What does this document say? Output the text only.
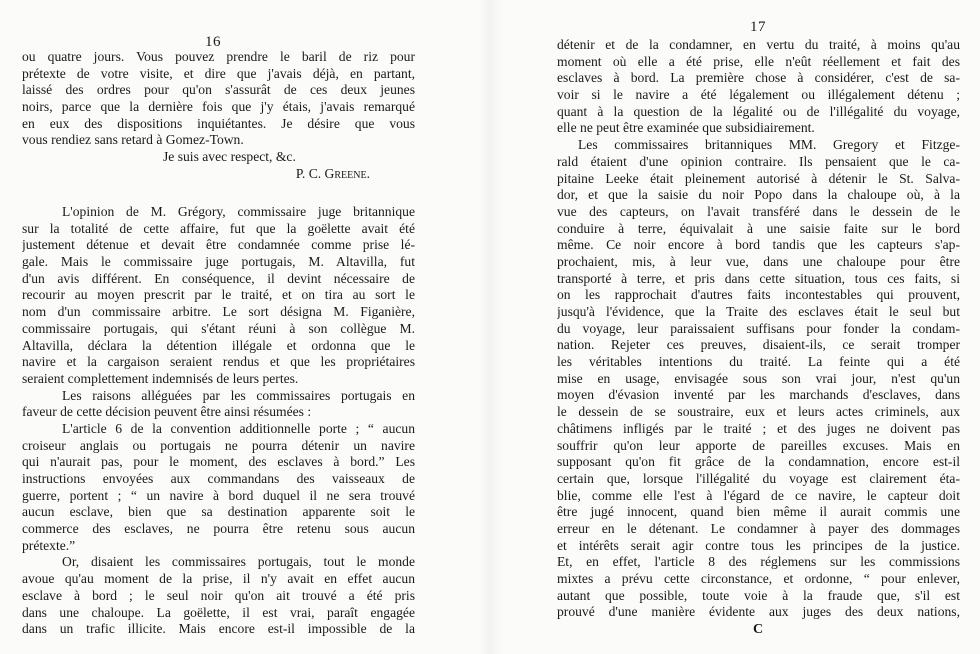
16
ou quatre jours. Vous pouvez prendre le baril de riz pour
prétexte de votre visite, et dire que j'avais déjà, en partant,
laissé des ordres pour qu'on s'assurât de ces deux jeunes
noirs, parce que la dernière fois que j'y étais, j'avais remarqué
en eux des dispositions inquiétantes. Je désire que vous
vous rendiez sans retard à Gomez-Town.
Je suis avec respect, &c.
P. C. Greene.
L'opinion de M. Grégory, commissaire juge britannique
sur la totalité de cette affaire, fut que la goëlette avait été
justement détenue et devait être condamnée comme prise lé-
gale. Mais le commissaire juge portugais, M. Altavilla, fut
d'un avis différent. En conséquence, il devint nécessaire de
recourir au moyen prescrit par le traité, et on tira au sort le
nom d'un commissaire arbitre. Le sort désigna M. Figanière,
commissaire portugais, qui s'étant réuni à son collègue M.
Altavilla, déclara la détention illégale et ordonna que le
navire et la cargaison seraient rendus et que les propriétaires
seraient complettement indemnisés de leurs pertes.
Les raisons alléguées par les commissaires portugais en
faveur de cette décision peuvent être ainsi résumées :
L'article 6 de la convention additionnelle porte ; “ aucun
croiseur anglais ou portugais ne pourra détenir un navire
qui n'aurait pas, pour le moment, des esclaves à bord.” Les
instructions envoyées aux commandans des vaisseaux de
guerre, portent ; “ un navire à bord duquel il ne sera trouvé
aucun esclave, bien que sa destination apparente soit le
commerce des esclaves, ne pourra être retenu sous aucun
prétexte.”
Or, disaient les commissaires portugais, tout le monde
avoue qu'au moment de la prise, il n'y avait en effet aucun
esclave à bord ; le seul noir qu'on ait trouvé a été pris
dans une chaloupe. La goëlette, il est vrai, paraît engagée
dans un trafic illicite. Mais encore est-il impossible de la
17
détenir et de la condamner, en vertu du traité, à moins qu'au
moment où elle a été prise, elle n'eût réellement et fait des
esclaves à bord. La première chose à considérer, c'est de sa-
voir si le navire a été légalement ou illégalement détenu ;
quant à la question de la légalité ou de l'illégalité du voyage,
elle ne peut être examinée que subsidiairement.
Les commissaires britanniques MM. Gregory et Fitzge-
rald étaient d'une opinion contraire. Ils pensaient que le ca-
pitaine Leeke était pleinement autorisé à détenir le St. Salva-
dor, et que la saisie du noir Popo dans la chaloupe où, à la
vue des capteurs, on l'avait transféré dans le dessein de le
conduire à terre, équivalait à une saisie faite sur le bord
même. Ce noir encore à bord tandis que les capteurs s'ap-
prochaient, mis, à leur vue, dans une chaloupe pour être
transporté à terre, et pris dans cette situation, tous ces faits, si
on les rapprochait d'autres faits incontestables qui prouvent,
jusqu'à l'évidence, que la Traite des esclaves était le seul but
du voyage, leur paraissaient suffisans pour fonder la condam-
nation. Rejeter ces preuves, disaient-ils, ce serait tromper
les véritables intentions du traité. La feinte qui a été
mise en usage, envisagée sous son vrai jour, n'est qu'un
moyen d'évasion inventé par les marchands d'esclaves, dans
le dessein de se soustraire, eux et leurs actes criminels, aux
châtimens infligés par le traité ; et des juges ne doivent pas
souffrir qu'on leur apporte de pareilles excuses. Mais en
supposant qu'on fit grâce de la condamnation, encore est-il
certain que, lorsque l'illégalité du voyage est clairement éta-
blie, comme elle l'est à l'égard de ce navire, le capteur doit
être jugé innocent, quand bien même il aurait commis une
erreur en le détenant. Le condamner à payer des dommages
et intérêts serait agir contre tous les principes de la justice.
Et, en effet, l'article 8 des réglemens sur les commissions
mixtes a prévu cette circonstance, et ordonne, “ pour enlever,
autant que possible, toute voie à la fraude que, s'il est
prouvé d'une manière évidente aux juges des deux nations,
C
